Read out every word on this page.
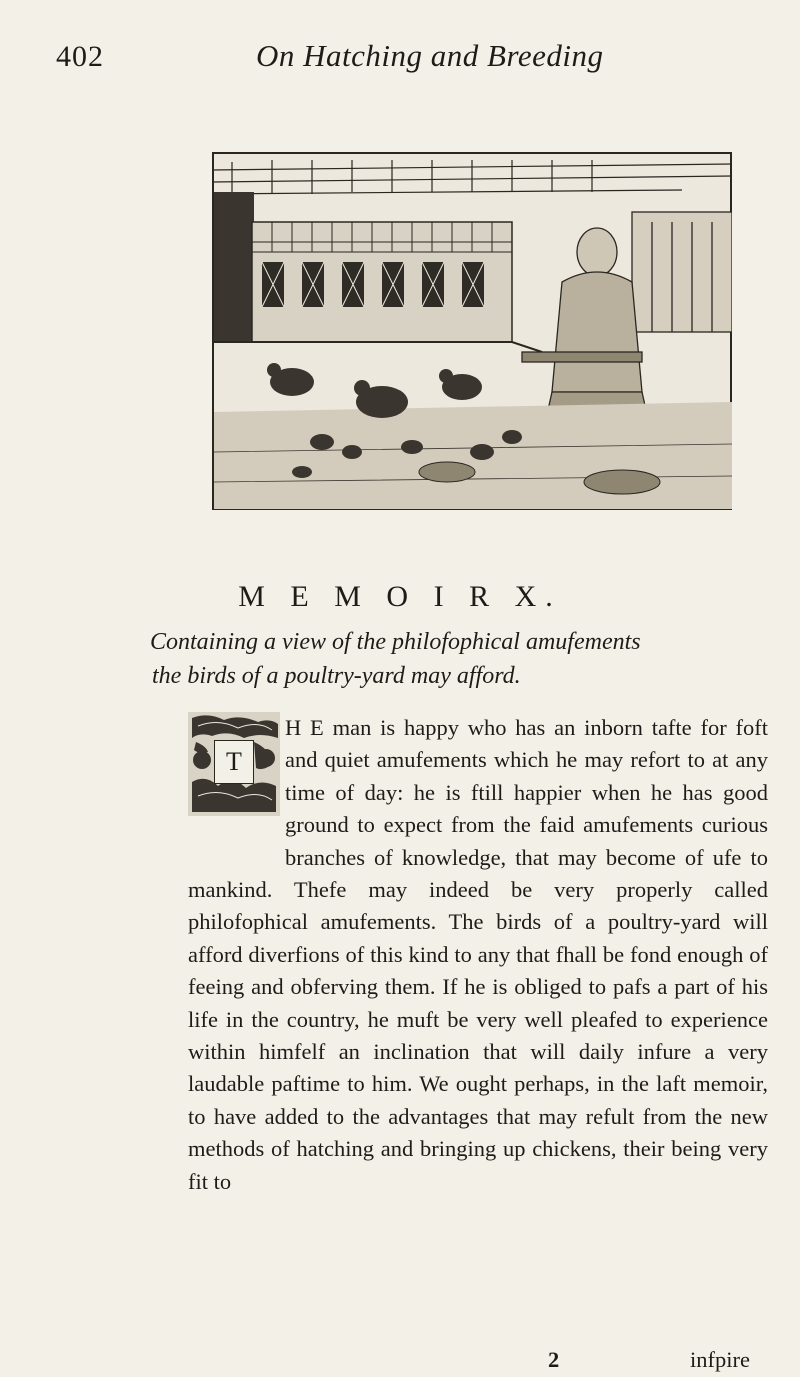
402	On Hatching and Breeding
M E M O I R X.
Containing a view of the philofophical amufements
the birds of a poultry-yard may afford.
T

H E man is happy who has an inborn tafte for foft and quiet amufements which he may refort to at any time of day: he is ftill happier when he has good ground to expect from the faid amufements curious branches of knowledge, that may become of ufe to mankind. Thefe may indeed be very properly called philofophical amufements. The birds of a poultry-yard will afford diverfions of this kind to any that fhall be fond enough of feeing and obferving them. If he is obliged to pafs a part of his life in the country, he muft be very well pleafed to experience within himfelf an inclination that will daily infure a very laudable paftime to him. We ought perhaps, in the laft memoir, to have added to the advantages that may refult from the new methods of hatching and bringing up chickens, their being very fit to

2	infpire
